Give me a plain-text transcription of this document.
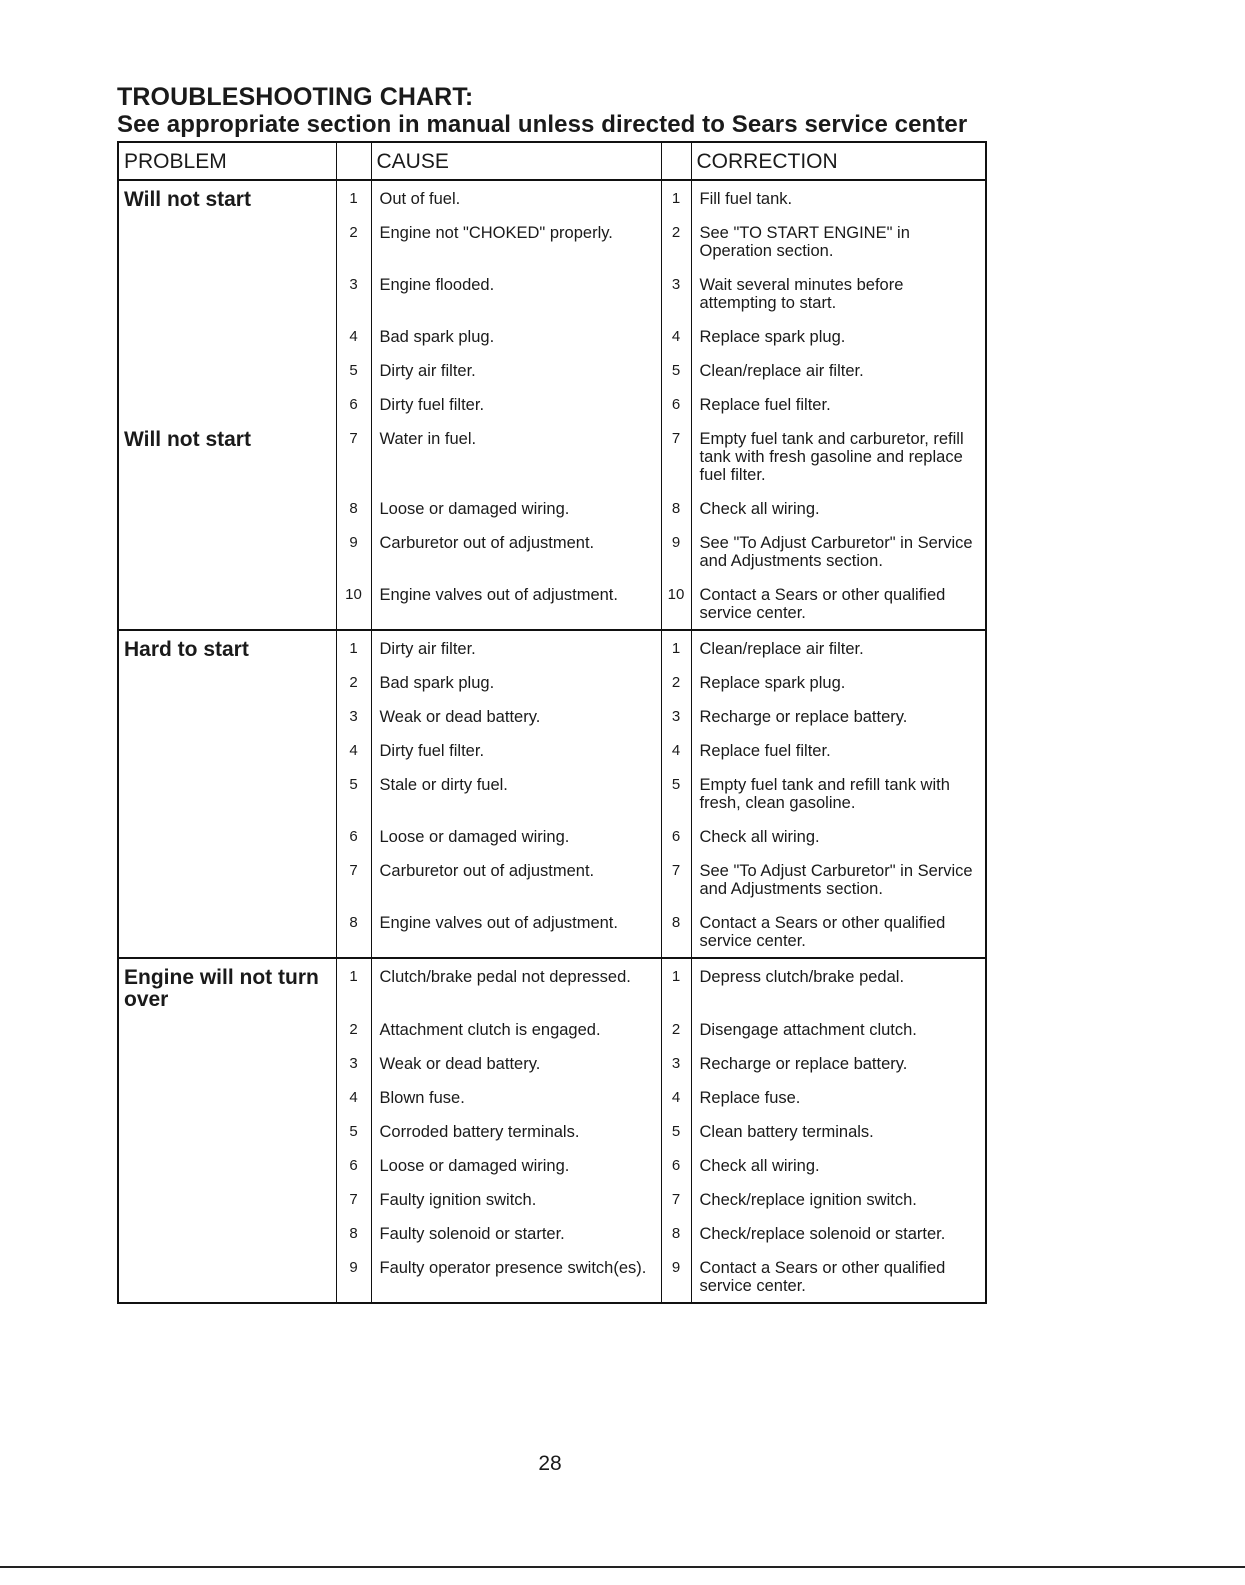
TROUBLESHOOTING CHART:
See appropriate section in manual unless directed to Sears service center
PROBLEM		CAUSE		CORRECTION
Will not start	1	Out of fuel.	1	Fill fuel tank.
	2	Engine not "CHOKED" properly.	2	See "TO START ENGINE" in Operation section.
	3	Engine flooded.	3	Wait several minutes before attempting to start.
	4	Bad spark plug.	4	Replace spark plug.
	5	Dirty air filter.	5	Clean/replace air filter.
	6	Dirty fuel filter.	6	Replace fuel filter.
Will not start	7	Water in fuel.	7	Empty fuel tank and carburetor, refill tank with fresh gasoline and replace fuel filter.
	8	Loose or damaged wiring.	8	Check all wiring.
	9	Carburetor out of adjustment.	9	See "To Adjust Carburetor" in Service and Adjustments section.
	10	Engine valves out of adjustment.	10	Contact a Sears or other qualified service center.
Hard to start	1	Dirty air filter.	1	Clean/replace air filter.
	2	Bad spark plug.	2	Replace spark plug.
	3	Weak or dead battery.	3	Recharge or replace battery.
	4	Dirty fuel filter.	4	Replace fuel filter.
	5	Stale or dirty fuel.	5	Empty fuel tank and refill tank with fresh, clean gasoline.
	6	Loose or damaged wiring.	6	Check all wiring.
	7	Carburetor out of adjustment.	7	See "To Adjust Carburetor" in Service and Adjustments section.
	8	Engine valves out of adjustment.	8	Contact a Sears or other qualified service center.
Engine will not turn over	1	Clutch/brake pedal not depressed.	1	Depress clutch/brake pedal.
	2	Attachment clutch is engaged.	2	Disengage attachment clutch.
	3	Weak or dead battery.	3	Recharge or replace battery.
	4	Blown fuse.	4	Replace fuse.
	5	Corroded battery terminals.	5	Clean battery terminals.
	6	Loose or damaged wiring.	6	Check all wiring.
	7	Faulty ignition switch.	7	Check/replace ignition switch.
	8	Faulty solenoid or starter.	8	Check/replace solenoid or starter.
	9	Faulty operator presence switch(es).	9	Contact a Sears or other qualified service center.
28
